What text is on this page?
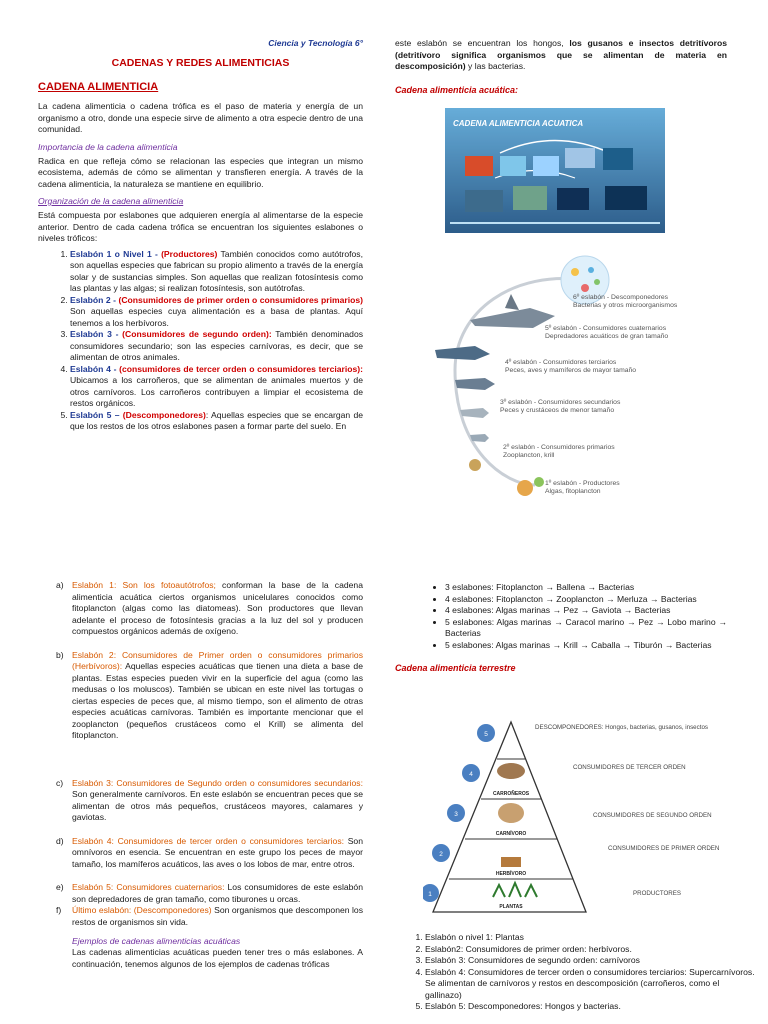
Ciencia y Tecnología 6°
CADENAS Y REDES ALIMENTICIAS
CADENA ALIMENTICIA

La cadena alimenticia o cadena trófica es el paso de materia y energía de un organismo a otro, donde una especie sirve de alimento a otra especie dentro de una comunidad.

Importancia de la cadena alimenticia

Radica en que refleja cómo se relacionan las especies que integran un mismo ecosistema, además de cómo se alimentan y transfieren energía. A través de la cadena alimenticia, la naturaleza se mantiene en equilibrio.

Organización de la cadena alimenticia

Está compuesta por eslabones que adquieren energía al alimentarse de la especie anterior. Dentro de cada cadena trófica se encuentran los siguientes eslabones o niveles tróficos:

1. Eslabón 1 o Nivel 1 - (Productores) También conocidos como autótrofos, son aquellas especies que fabrican su propio alimento a través de la energía solar y de sustancias simples. Son aquellas que realizan fotosíntesis como las plantas y las algas; si realizan fotosíntesis, son autótrofas.
2. Eslabón 2 - (Consumidores de primer orden o consumidores primarios) Son aquellas especies cuya alimentación es a basa de plantas. Aquí tenemos a los herbívoros.
3. Eslabón 3 - (Consumidores de segundo orden): También denominados consumidores secundario; son las especies carnívoras, es decir, que se alimentan de otros animales.
4. Eslabón 4 - (consumidores de tercer orden o consumidores terciarios): Ubicamos a los carroñeros, que se alimentan de animales muertos y de otros carnívoros. Los carroñeros contribuyen a limpiar el ecosistema de restos orgánicos.
5. Eslabón 5 – (Descomponedores): Aquellas especies que se encargan de que los restos de los otros eslabones pasen a formar parte del suelo. En

este eslabón se encuentran los hongos, los gusanos e insectos detritívoros (detritívoro significa organismos que se alimentan de materia en descomposición) y las bacterias.

Cadena alimenticia acuática:
CADENA ALIMENTICIA ACUATICA
6º eslabón - Descomponedores
Bacterias y otros microorganismos
5º eslabón - Consumidores cuaternarios
Depredadores acuáticos de gran tamaño
4º eslabón - Consumidores terciarios
Peces, aves y mamíferos de mayor tamaño
3º eslabón - Consumidores secundarios
Peces y crustáceos de menor tamaño
2º eslabón - Consumidores primarios
Zooplancton, krill
1º eslabón - Productores
Algas, fitoplancton
a) Eslabón 1: Son los fotoautótrofos; conforman la base de la cadena alimenticia acuática ciertos organismos unicelulares conocidos como fitoplancton (algas como las diatomeas). Son productores que llevan adelante el proceso de fotosíntesis gracias a la luz del sol y producen compuestos orgánicos además de oxígeno.
b) Eslabón 2: Consumidores de Primer orden o consumidores primarios (Herbívoros): Aquellas especies acuáticas que tienen una dieta a base de plantas. Estas especies pueden vivir en la superficie del agua (como las medusas o los moluscos). También se ubican en este nivel las tortugas o ciertas especies de peces que, al mismo tiempo, son el alimento de otras especies acuáticas carnívoras. También es importante mencionar que el zooplancton (pequeños crustáceos como el Krill) se alimenta del fitoplancton.
c) Eslabón 3: Consumidores de Segundo orden o consumidores secundarios: Son generalmente carnívoros. En este eslabón se encuentran peces que se alimentan de otros más pequeños, crustáceos mayores, calamares y gaviotas.
d) Eslabón 4: Consumidores de tercer orden o consumidores terciarios: Son omnívoros en esencia. Se encuentran en este grupo los peces de mayor tamaño, los mamíferos acuáticos, las aves o los lobos de mar, entre otros.
e) Eslabón 5: Consumidores cuaternarios: Los consumidores de este eslabón son depredadores de gran tamaño, como tiburones u orcas.
f) Último eslabón: (Descomponedores) Son organismos que descomponen los restos de organismos sin vida.
Ejemplos de cadenas alimenticias acuáticas

Las cadenas alimenticias acuáticas pueden tener tres o más eslabones. A continuación, tenemos algunos de los ejemplos de cadenas tróficas

• 3 eslabones: Fitoplancton → Ballena → Bacterias
• 4 eslabones: Fitoplancton → Zooplancton → Merluza → Bacterias
• 4 eslabones: Algas marinas → Pez → Gaviota → Bacterias
• 5 eslabones: Algas marinas → Caracol marino → Pez → Lobo marino → Bacterias
• 5 eslabones: Algas marinas → Krill → Caballa → Tiburón → Bacterias
Cadena alimenticia terrestre
5
4
3
2
1
CARROÑEROS
CARNÍVORO
HERBÍVORO
PLANTAS
DESCOMPONEDORES: Hongos, bacterias, gusanos, insectos
CONSUMIDORES DE TERCER ORDEN
CONSUMIDORES DE SEGUNDO ORDEN
CONSUMIDORES DE PRIMER ORDEN
PRODUCTORES
1. Eslabón o nivel 1: Plantas
2. Eslabón2: Consumidores de primer orden: herbívoros.
3. Eslabón 3: Consumidores de segundo orden: carnívoros
4. Eslabón 4: Consumidores de tercer orden o consumidores terciarios: Supercarnívoros. Se alimentan de carnívoros y restos en descomposición (carroñeros, como el gallinazo)
5. Eslabón 5: Descomponedores: Hongos y bacterias.
